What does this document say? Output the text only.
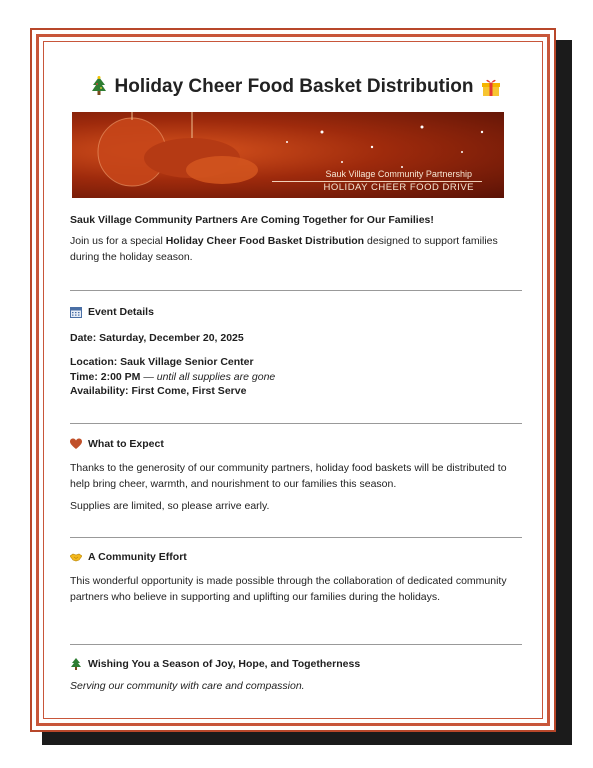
Holiday Cheer Food Basket Distribution
Sauk Village Community Partnership
HOLIDAY CHEER FOOD DRIVE
Sauk Village Community Partners Are Coming Together for Our Families!
Join us for a special Holiday Cheer Food Basket Distribution designed to support families during the holiday season.
Event Details
Date: Saturday, December 20, 2025
Location: Sauk Village Senior Center
Time: 2:00 PM — until all supplies are gone
Availability: First Come, First Serve
What to Expect
Thanks to the generosity of our community partners, holiday food baskets will be distributed to help bring cheer, warmth, and nourishment to our families this season.
Supplies are limited, so please arrive early.
A Community Effort
This wonderful opportunity is made possible through the collaboration of dedicated community partners who believe in supporting and uplifting our families during the holidays.
Wishing You a Season of Joy, Hope, and Togetherness
Serving our community with care and compassion.
